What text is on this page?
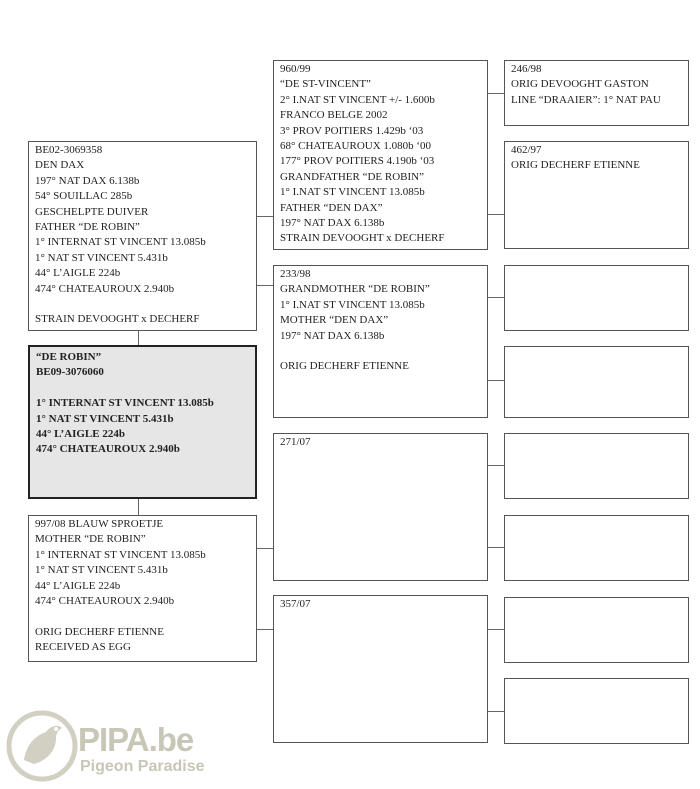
“DE ROBIN”
BE09-3076060
1° INTERNAT ST VINCENT 13.085b
1° NAT ST VINCENT 5.431b
44° L’AIGLE 224b
474° CHATEAUROUX 2.940b
BE02-3069358
DEN DAX
197° NAT DAX 6.138b
54° SOUILLAC 285b
GESCHELPTE DUIVER
FATHER “DE ROBIN”
1° INTERNAT ST VINCENT 13.085b
1° NAT ST VINCENT 5.431b
44° L’AIGLE 224b
474° CHATEAUROUX 2.940b
STRAIN DEVOOGHT x DECHERF
997/08 BLAUW SPROETJE
MOTHER “DE ROBIN”
1° INTERNAT ST VINCENT 13.085b
1° NAT ST VINCENT 5.431b
44° L’AIGLE 224b
474° CHATEAUROUX 2.940b
ORIG DECHERF ETIENNE
RECEIVED AS EGG
960/99
“DE ST-VINCENT”
2° I.NAT ST VINCENT +/- 1.600b
FRANCO BELGE 2002
3° PROV POITIERS 1.429b ‘03
68° CHATEAUROUX 1.080b ‘00
177° PROV POITIERS 4.190b ‘03
GRANDFATHER “DE ROBIN”
1° I.NAT ST VINCENT 13.085b
FATHER “DEN DAX”
197° NAT DAX 6.138b
STRAIN DEVOOGHT x DECHERF
233/98
GRANDMOTHER “DE ROBIN”
1° I.NAT ST VINCENT 13.085b
MOTHER “DEN DAX”
197° NAT DAX 6.138b
ORIG DECHERF ETIENNE
271/07
357/07
246/98
ORIG DEVOOGHT GASTON
LINE “DRAAIER”: 1° NAT PAU
462/97
ORIG DECHERF ETIENNE
PIPA.be
Pigeon Paradise
